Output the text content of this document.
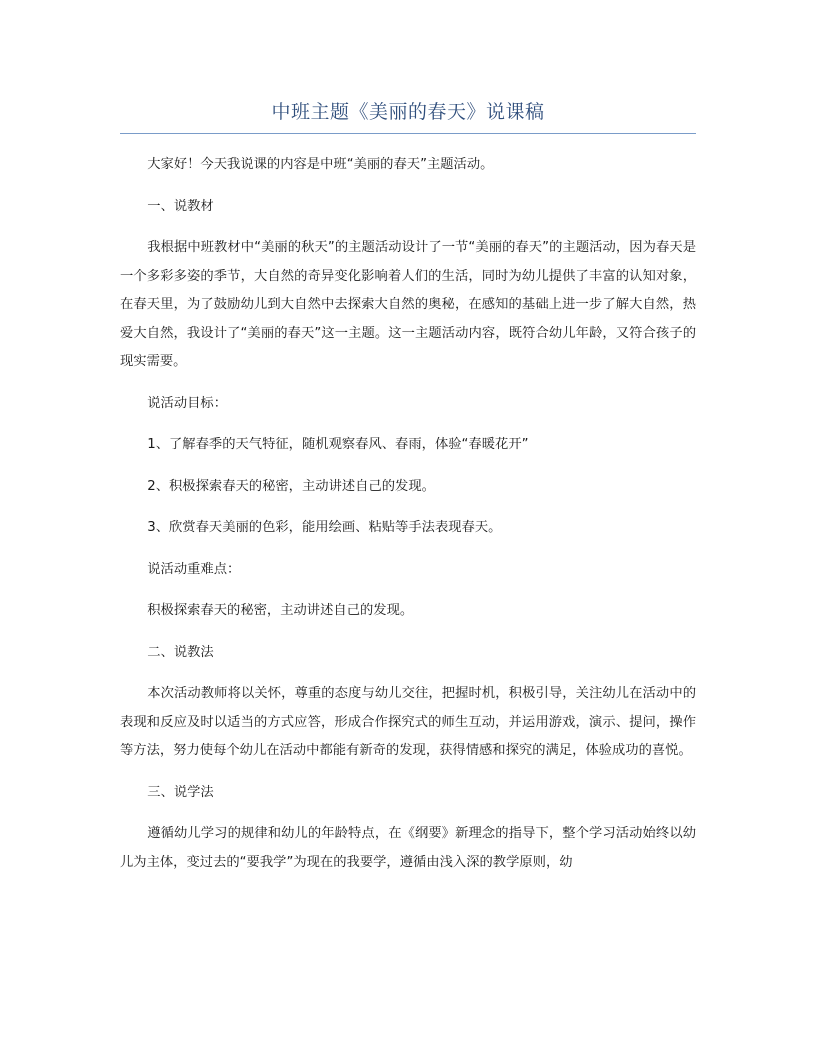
中班主题《美丽的春天》说课稿

大家好！今天我说课的内容是中班“美丽的春天”主题活动。

一、说教材

我根据中班教材中“美丽的秋天”的主题活动设计了一节“美丽的春天”的主题活动，因为春天是一个多彩多姿的季节，大自然的奇异变化影响着人们的生活，同时为幼儿提供了丰富的认知对象，在春天里，为了鼓励幼儿到大自然中去探索大自然的奥秘，在感知的基础上进一步了解大自然，热爱大自然，我设计了“美丽的春天”这一主题。这一主题活动内容，既符合幼儿年龄，又符合孩子的现实需要。

说活动目标：

1、了解春季的天气特征，随机观察春风、春雨，体验“春暖花开”

2、积极探索春天的秘密，主动讲述自己的发现。

3、欣赏春天美丽的色彩，能用绘画、粘贴等手法表现春天。

说活动重难点：

积极探索春天的秘密，主动讲述自己的发现。

二、说教法

本次活动教师将以关怀，尊重的态度与幼儿交往，把握时机，积极引导，关注幼儿在活动中的表现和反应及时以适当的方式应答，形成合作探究式的师生互动，并运用游戏，演示、提问，操作等方法，努力使每个幼儿在活动中都能有新奇的发现，获得情感和探究的满足，体验成功的喜悦。

三、说学法

遵循幼儿学习的规律和幼儿的年龄特点，在《纲要》新理念的指导下，整个学习活动始终以幼儿为主体，变过去的“要我学”为现在的我要学，遵循由浅入深的教学原则，幼
